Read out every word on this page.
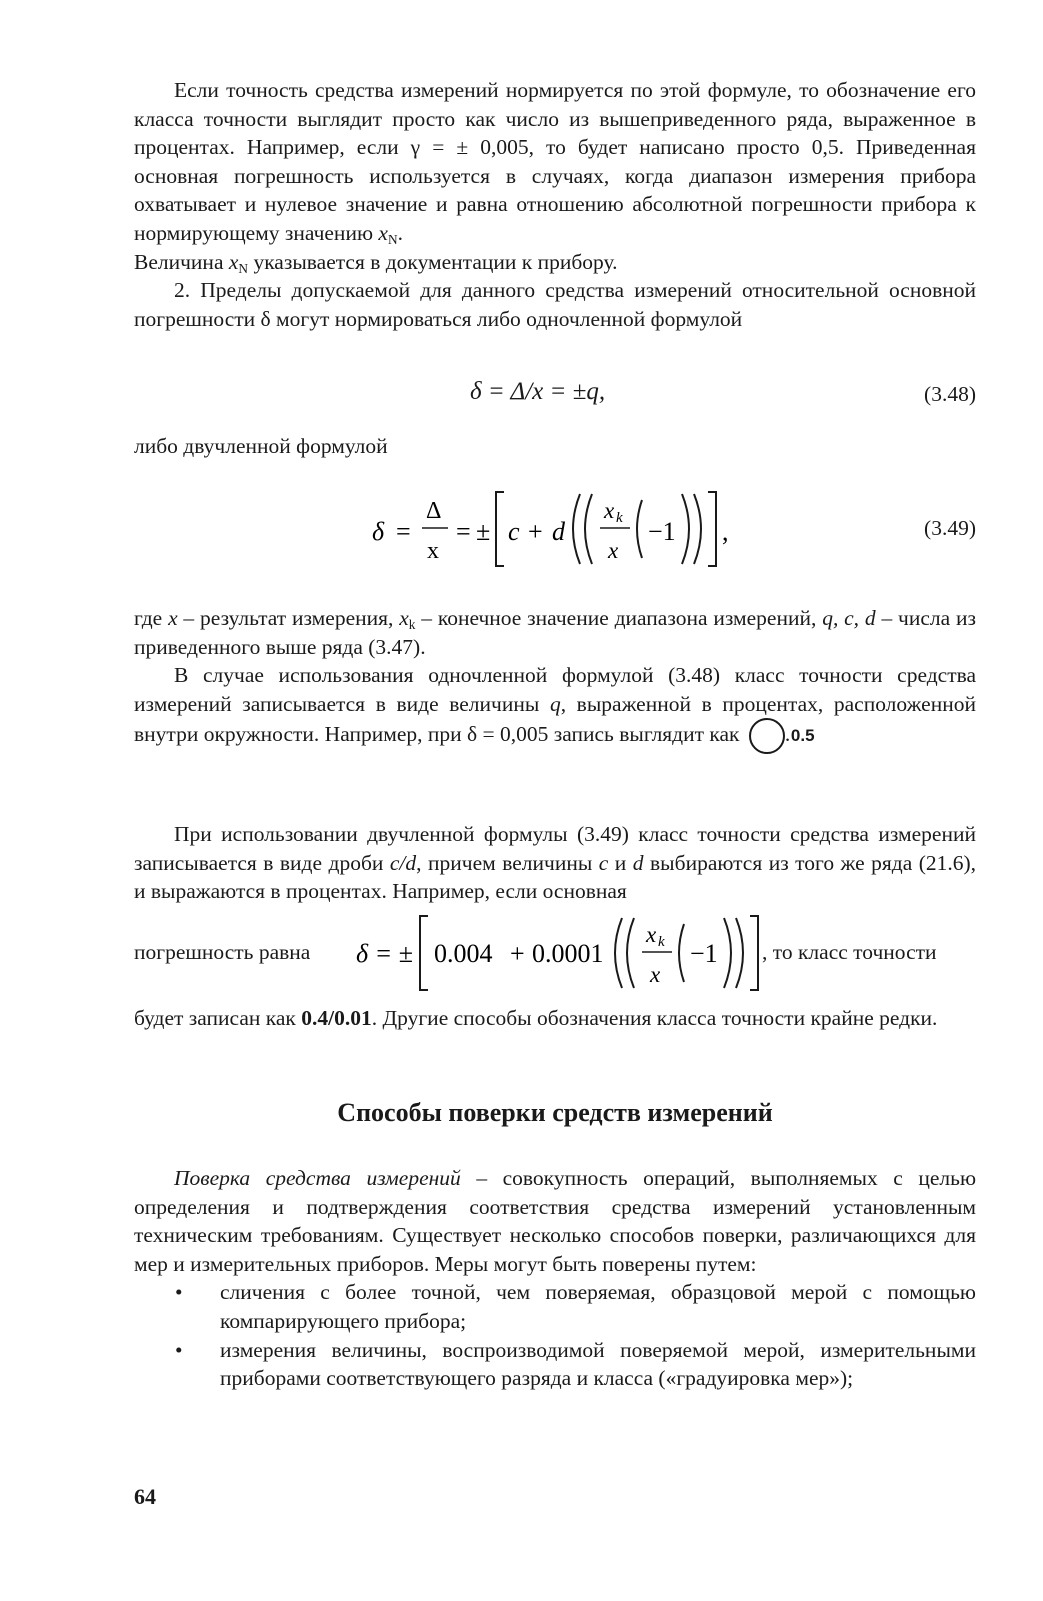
Если точность средства измерений нормируется по этой формуле, то обозначение его класса точности выглядит просто как число из вышеприведенного ряда, выраженное в процентах. Например, если γ = ± 0,005, то будет написано просто 0,5. Приведенная основная погрешность используется в случаях, когда диапазон измерения прибора охватывает и нулевое значение и равна отношению абсолютной погрешности прибора к нормирующему значению $x_N$.

Величина $x_N$ указывается в документации к прибору.

2. Пределы допускаемой для данного средства измерений относительной основной погрешности δ могут нормироваться либо одночленной формулой

δ = Δ/x = ±q,	(3.48)

либо двучленной формулой

δ =
Δ
x
= ± c + d
x k
x
−1 ,	(3.49)

где x – результат измерения, $x_k$ – конечное значение диапазона измерений, q, c, d – числа из приведенного выше ряда (3.47).

В случае использования одночленной формулой (3.48) класс точности средства измерений записывается в виде величины q, выраженной в процентах, расположенной внутри окружности. Например, при δ = 0,005 запись выглядит как	0.5.

При использовании двучленной формулы (3.49) класс точности средства измерений записывается в виде дроби c/d, причем величины c и d выбираются из того же ряда (21.6), и выражаются в процентах. Например, если основная

погрешность равна δ = ± 0.004 + 0.0001
x k
x
−1 , то класс точности

будет записан как 0.4/0.01. Другие способы обозначения класса точности крайне редки.

Способы поверки средств измерений

Поверка средства измерений – совокупность операций, выполняемых с целью определения и подтверждения соответствия средства измерений установленным техническим требованиям. Существует несколько способов поверки, различающихся для мер и измерительных приборов. Меры могут быть поверены путем:

• сличения с более точной, чем поверяемая, образцовой мерой с помощью компарирующего прибора;
• измерения величины, воспроизводимой поверяемой мерой, измерительными приборами соответствующего разряда и класса («градуировка мер»);
64
